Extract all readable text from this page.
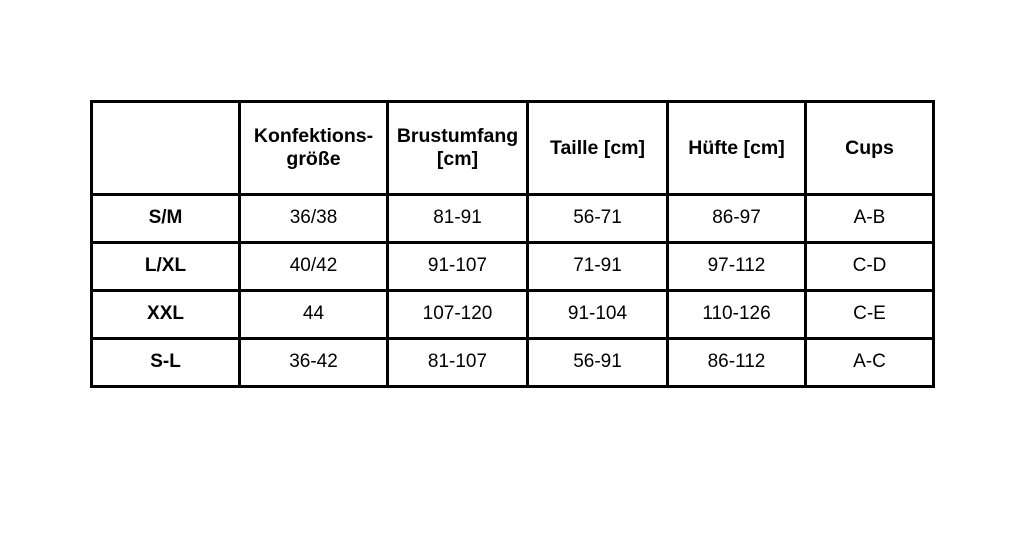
	Konfektions-größe	Brustumfang [cm]	Taille [cm]	Hüfte [cm]	Cups
S/M	36/38	81-91	56-71	86-97	A-B
L/XL	40/42	91-107	71-91	97-112	C-D
XXL	44	107-120	91-104	110-126	C-E
S-L	36-42	81-107	56-91	86-112	A-C
